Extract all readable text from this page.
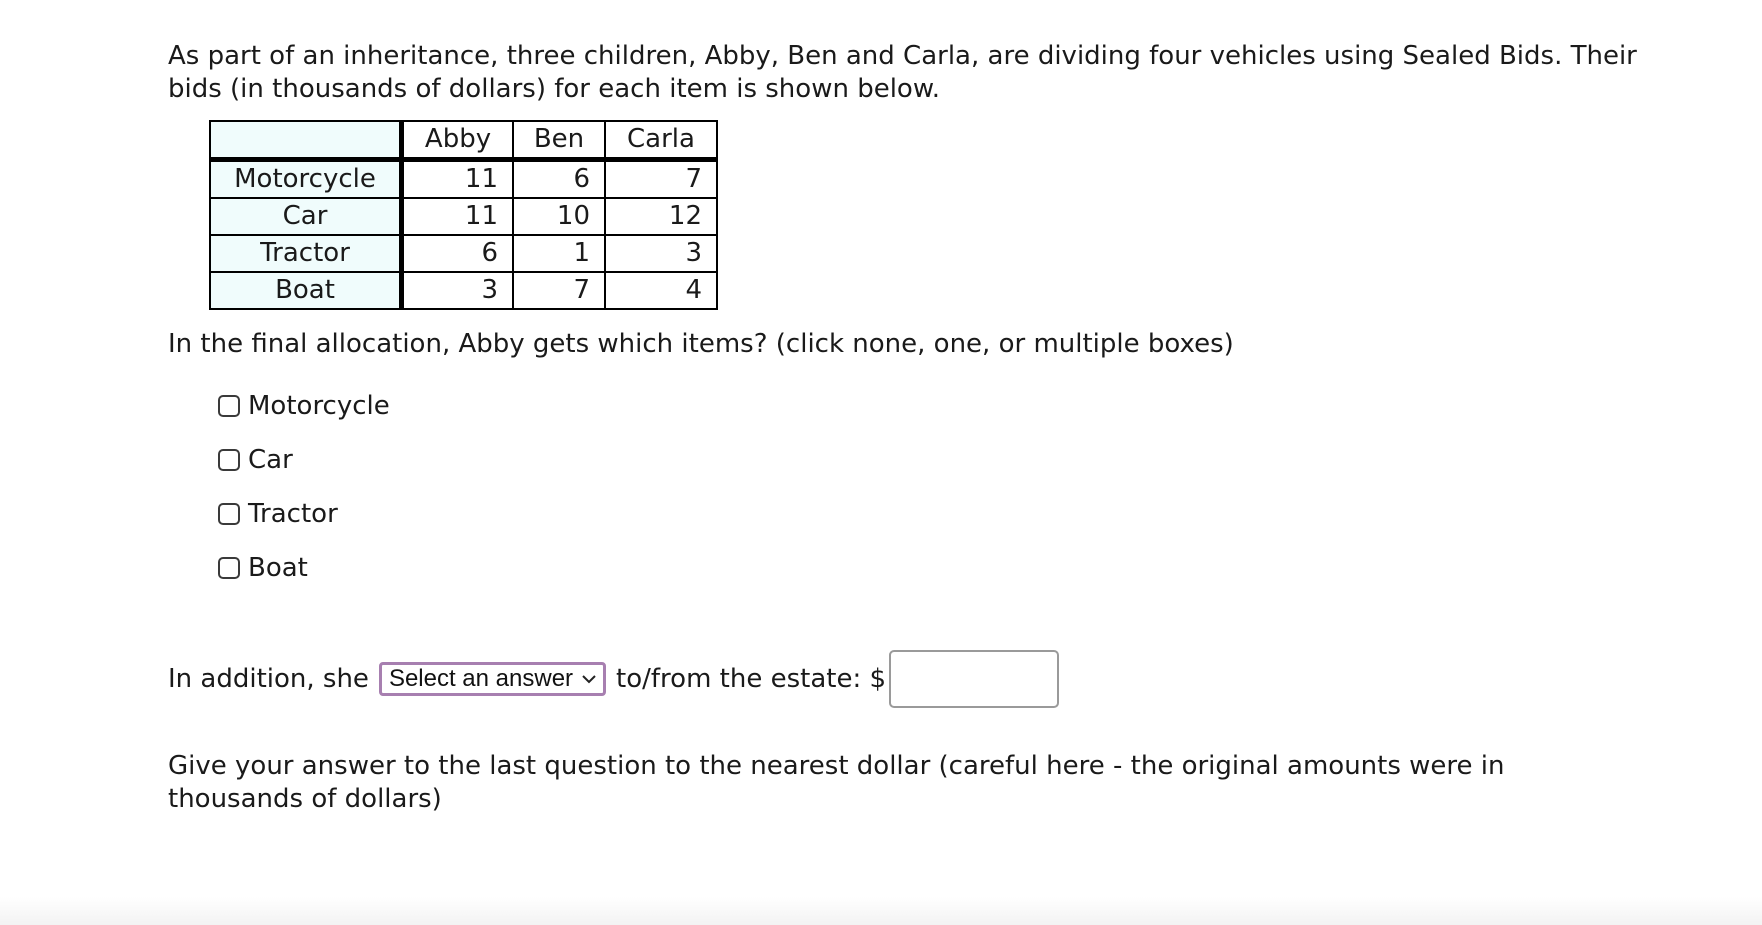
As part of an inheritance, three children, Abby, Ben and Carla, are dividing four vehicles using Sealed Bids. Their bids (in thousands of dollars) for each item is shown below.

	Abby	Ben	Carla
Motorcycle	11	6	7
Car	11	10	12
Tractor	6	1	3
Boat	3	7	4
In the final allocation, Abby gets which items? (click none, one, or multiple boxes)
Motorcycle
Car
Tractor
Boat
In addition, she Select an answer to/from the estate: $
Give your answer to the last question to the nearest dollar (careful here - the original amounts were in thousands of dollars)
